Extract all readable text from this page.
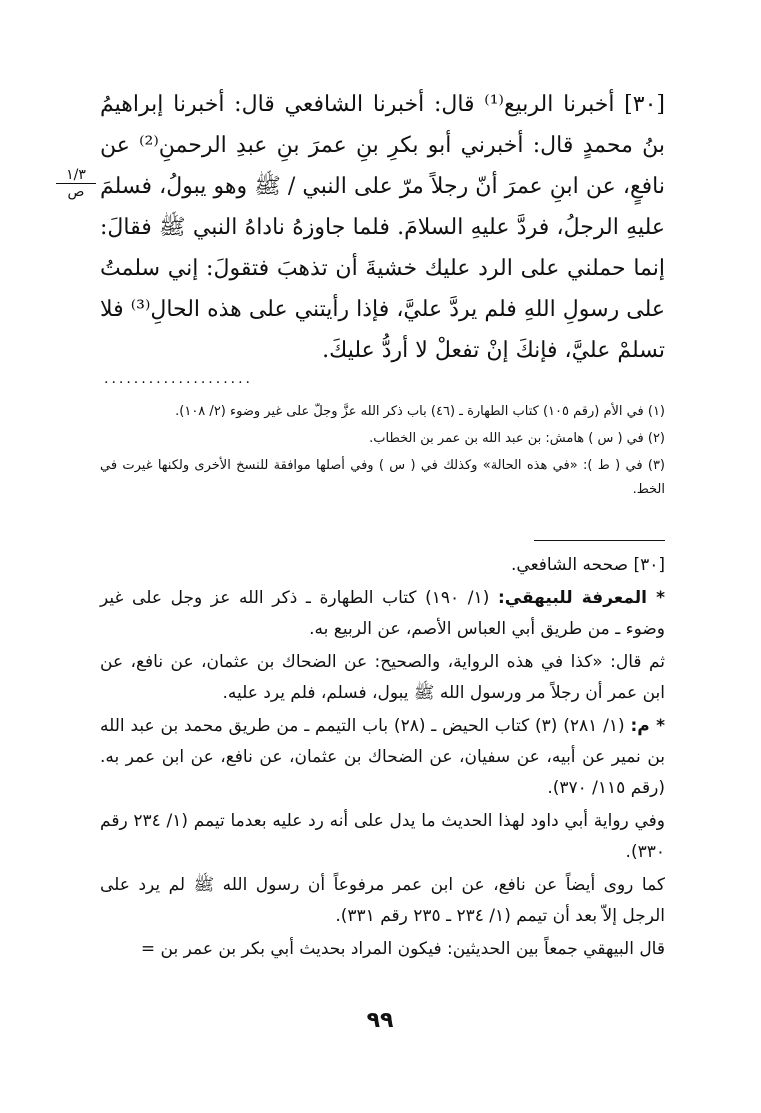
[٣٠] أخبرنا الربيع⁽¹⁾ قال: أخبرنا الشافعي قال: أخبرنا إبراهيمُ بنُ محمدٍ قال: أخبرني أبو بكرِ بنِ عمرَ بنِ عبدِ الرحمنِ⁽²⁾ عن نافعٍ، عن ابنِ عمرَ أنّ رجلاً مرّ على النبي / ﷺ وهو يبولُ، فسلمَ عليهِ الرجلُ، فردَّ عليهِ السلامَ. فلما جاوزهُ ناداهُ النبي ﷺ فقالَ: إنما حملني على الرد عليك خشيةَ أن تذهبَ فتقولَ: إني سلمتُ على رسولِ اللهِ فلم يردَّ عليَّ، فإذا رأيتني على هذه الحالِ⁽³⁾ فلا تسلمْ عليَّ، فإنكَ إنْ تفعلْ لا أردُّ عليكَ.

١/٣
ص
....................

(١) في الأم (رقم ١٠٥) كتاب الطهارة ـ (٤٦) باب ذكر الله عزَّ وجلّ على غير وضوء (٢/ ١٠٨).

(٢) في ( س ) هامش: بن عبد الله بن عمر بن الخطاب.

(٣) في ( ط ): «في هذه الحالة» وكذلك في ( س ) وفي أصلها موافقة للنسخ الأخرى ولكنها غيرت في الخط.

[٣٠] صححه الشافعي.

* المعرفة للبيهقي: (١/ ١٩٠) كتاب الطهارة ـ ذكر الله عز وجل على غير وضوء ـ من طريق أبي العباس الأصم، عن الربيع به.

ثم قال: «كذا في هذه الرواية، والصحيح: عن الضحاك بن عثمان، عن نافع، عن ابن عمر أن رجلاً مر ورسول الله ﷺ يبول، فسلم، فلم يرد عليه.

* م: (١/ ٢٨١) (٣) كتاب الحيض ـ (٢٨) باب التيمم ـ من طريق محمد بن عبد الله بن نمير عن أبيه، عن سفيان، عن الضحاك بن عثمان، عن نافع، عن ابن عمر به. (رقم ١١٥/ ٣٧٠).

وفي رواية أبي داود لهذا الحديث ما يدل على أنه رد عليه بعدما تيمم (١/ ٢٣٤ رقم ٣٣٠).

كما روى أيضاً عن نافع، عن ابن عمر مرفوعاً أن رسول الله ﷺ لم يرد على الرجل إلاّ بعد أن تيمم (١/ ٢٣٤ ـ ٢٣٥ رقم ٣٣١).

قال البيهقي جمعاً بين الحديثين: فيكون المراد بحديث أبي بكر بن عمر بن =

٩٩
